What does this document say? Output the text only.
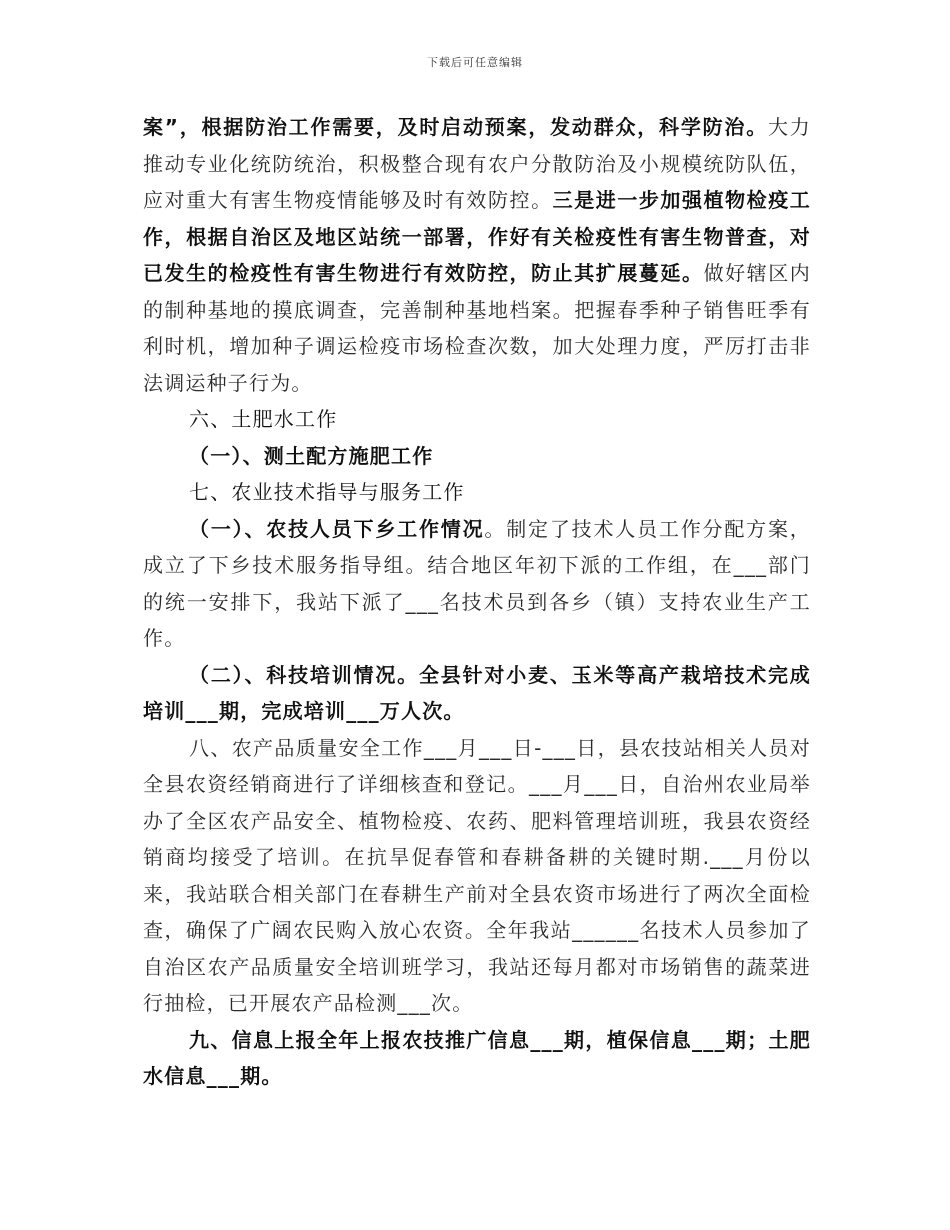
下载后可任意编辑

案”，根据防治工作需要，及时启动预案，发动群众，科学防治。大力推动专业化统防统治，积极整合现有农户分散防治及小规模统防队伍，应对重大有害生物疫情能够及时有效防控。三是进一步加强植物检疫工作，根据自治区及地区站统一部署，作好有关检疫性有害生物普查，对已发生的检疫性有害生物进行有效防控，防止其扩展蔓延。做好辖区内的制种基地的摸底调查，完善制种基地档案。把握春季种子销售旺季有利时机，增加种子调运检疫市场检查次数，加大处理力度，严厉打击非法调运种子行为。

六、土肥水工作

（一）、测土配方施肥工作

七、农业技术指导与服务工作

（一）、农技人员下乡工作情况。制定了技术人员工作分配方案，成立了下乡技术服务指导组。结合地区年初下派的工作组，在___部门的统一安排下，我站下派了___名技术员到各乡（镇）支持农业生产工作。

（二）、科技培训情况。全县针对小麦、玉米等高产栽培技术完成培训___期，完成培训___万人次。

八、农产品质量安全工作___月___日-___日，县农技站相关人员对全县农资经销商进行了详细核查和登记。___月___日，自治州农业局举办了全区农产品安全、植物检疫、农药、肥料管理培训班，我县农资经销商均接受了培训。在抗旱促春管和春耕备耕的关键时期.___月份以来，我站联合相关部门在春耕生产前对全县农资市场进行了两次全面检查，确保了广阔农民购入放心农资。全年我站______名技术人员参加了自治区农产品质量安全培训班学习，我站还每月都对市场销售的蔬菜进行抽检，已开展农产品检测___次。

九、信息上报全年上报农技推广信息___期，植保信息___期；土肥水信息___期。
